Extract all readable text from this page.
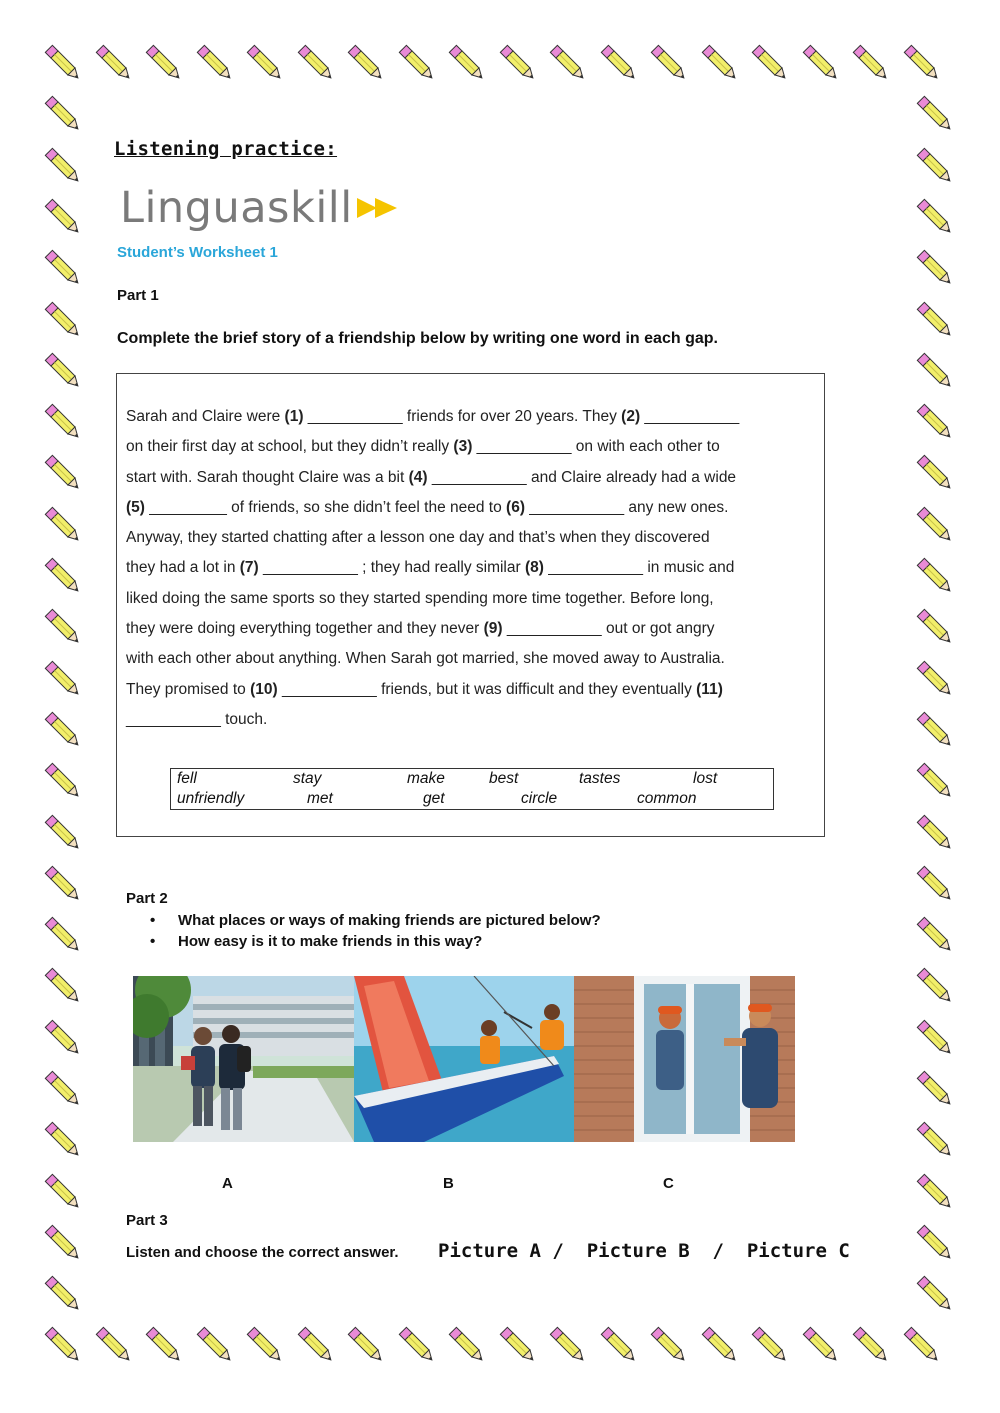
Listening practice:
Linguaskill
Student’s Worksheet 1
Part 1
Complete the brief story of a friendship below by writing one word in each gap.
Sarah and Claire were (1) ___________ friends for over 20 years. They (2) ___________
on their first day at school, but they didn’t really (3) ___________ on with each other to
start with. Sarah thought Claire was a bit (4) ___________ and Claire already had a wide
(5) _________ of friends, so she didn’t feel the need to (6) ___________ any new ones.
Anyway, they started chatting after a lesson one day and that’s when they discovered
they had a lot in (7) ___________ ; they had really similar (8) ___________ in music and
liked doing the same sports so they started spending more time together. Before long,
they were doing everything together and they never (9) ___________ out or got angry
with each other about anything. When Sarah got married, she moved away to Australia.
They promised to (10) ___________ friends, but it was difficult and they eventually (11)
___________ touch.
fell	stay	make	best	tastes	lost
unfriendly	met	get	circle	common
Part 2
•	What places or ways of making friends are pictured below?
•	How easy is it to make friends in this way?
A	B	C
Part 3
Listen and choose the correct answer. Picture A /  Picture B  /  Picture C
